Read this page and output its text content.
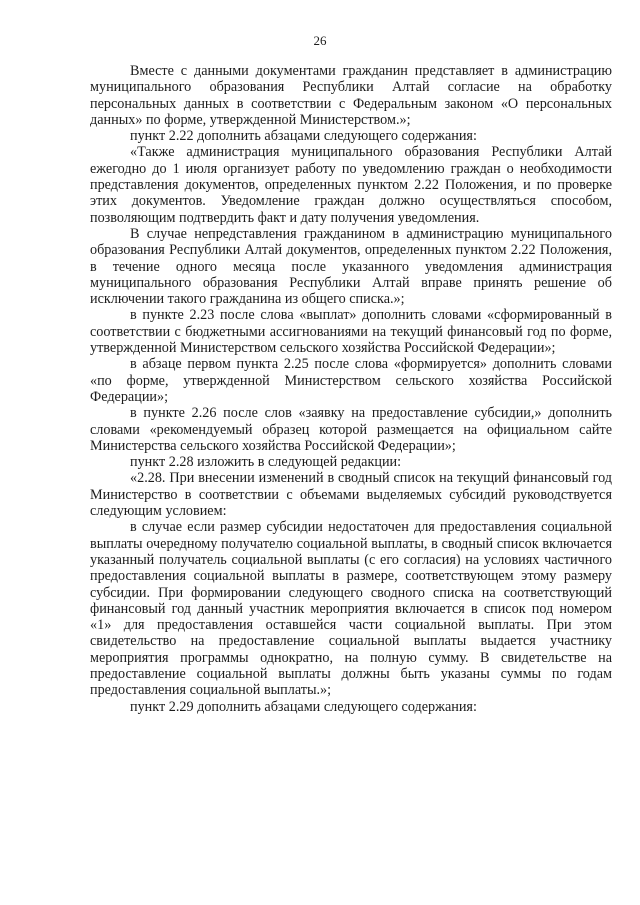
26

Вместе с данными документами гражданин представляет в администрацию муниципального образования Республики Алтай согласие на обработку персональных данных в соответствии с Федеральным законом «О персональных данных» по форме, утвержденной Министерством.»;

пункт 2.22 дополнить абзацами следующего содержания:

«Также администрация муниципального образования Республики Алтай ежегодно до 1 июля организует работу по уведомлению граждан о необходимости представления документов, определенных пунктом 2.22 Положения, и по проверке этих документов. Уведомление граждан должно осуществляться способом, позволяющим подтвердить факт и дату получения уведомления.

В случае непредставления гражданином в администрацию муниципального образования Республики Алтай документов, определенных пунктом 2.22 Положения, в течение одного месяца после указанного уведомления администрация муниципального образования Республики Алтай вправе принять решение об исключении такого гражданина из общего списка.»;

в пункте 2.23 после слова «выплат» дополнить словами «сформированный в соответствии с бюджетными ассигнованиями на текущий финансовый год по форме, утвержденной Министерством сельского хозяйства Российской Федерации»;

в абзаце первом пункта 2.25 после слова «формируется» дополнить словами «по форме, утвержденной Министерством сельского хозяйства Российской Федерации»;

в пункте 2.26 после слов «заявку на предоставление субсидии,» дополнить словами «рекомендуемый образец которой размещается на официальном сайте Министерства сельского хозяйства Российской Федерации»;

пункт 2.28 изложить в следующей редакции:

«2.28. При внесении изменений в сводный список на текущий финансовый год Министерство в соответствии с объемами выделяемых субсидий руководствуется следующим условием:

в случае если размер субсидии недостаточен для предоставления социальной выплаты очередному получателю социальной выплаты, в сводный список включается указанный получатель социальной выплаты (с его согласия) на условиях частичного предоставления социальной выплаты в размере, соответствующем этому размеру субсидии. При формировании следующего сводного списка на соответствующий финансовый год данный участник мероприятия включается в список под номером «1» для предоставления оставшейся части социальной выплаты. При этом свидетельство на предоставление социальной выплаты выдается участнику мероприятия программы однократно, на полную сумму. В свидетельстве на предоставление социальной выплаты должны быть указаны суммы по годам предоставления социальной выплаты.»;

пункт 2.29 дополнить абзацами следующего содержания:
